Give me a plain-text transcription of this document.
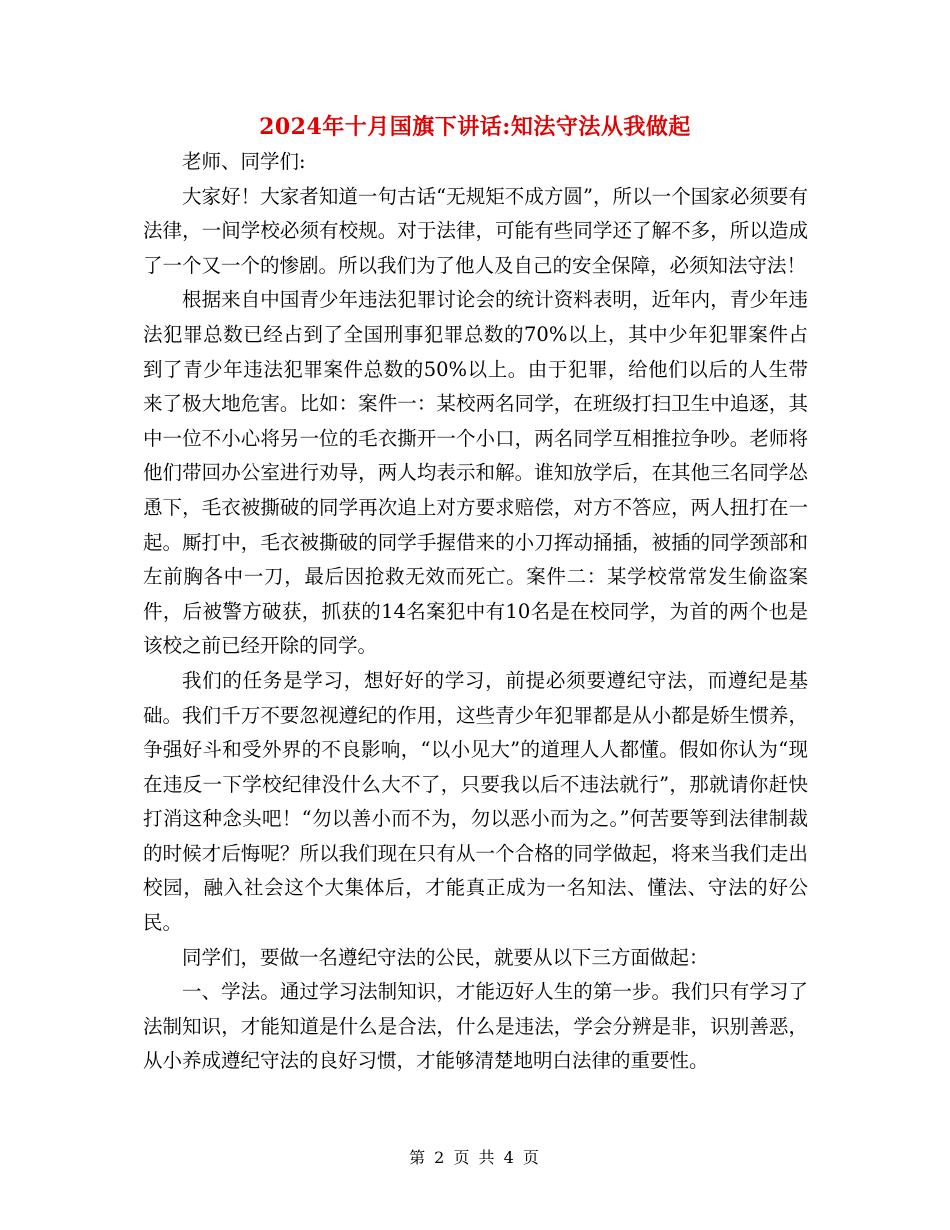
2024年十月国旗下讲话:知法守法从我做起

老师、同学们:

大家好！大家者知道一句古话“无规矩不成方圆”，所以一个国家必须要有法律，一间学校必须有校规。对于法律，可能有些同学还了解不多，所以造成了一个又一个的惨剧。所以我们为了他人及自己的安全保障，必须知法守法！

根据来自中国青少年违法犯罪讨论会的统计资料表明，近年内，青少年违法犯罪总数已经占到了全国刑事犯罪总数的70%以上，其中少年犯罪案件占到了青少年违法犯罪案件总数的50%以上。由于犯罪，给他们以后的人生带来了极大地危害。比如：案件一：某校两名同学，在班级打扫卫生中追逐，其中一位不小心将另一位的毛衣撕开一个小口，两名同学互相推拉争吵。老师将他们带回办公室进行劝导，两人均表示和解。谁知放学后，在其他三名同学怂恿下，毛衣被撕破的同学再次追上对方要求赔偿，对方不答应，两人扭打在一起。厮打中，毛衣被撕破的同学手握借来的小刀挥动捅插，被插的同学颈部和左前胸各中一刀，最后因抢救无效而死亡。案件二：某学校常常发生偷盗案件，后被警方破获，抓获的14名案犯中有10名是在校同学，为首的两个也是该校之前已经开除的同学。

我们的任务是学习，想好好的学习，前提必须要遵纪守法，而遵纪是基础。我们千万不要忽视遵纪的作用，这些青少年犯罪都是从小都是娇生惯养，争强好斗和受外界的不良影响，“以小见大”的道理人人都懂。假如你认为“现在违反一下学校纪律没什么大不了，只要我以后不违法就行”，那就请你赶快打消这种念头吧！“勿以善小而不为，勿以恶小而为之。”何苦要等到法律制裁的时候才后悔呢？所以我们现在只有从一个合格的同学做起，将来当我们走出校园，融入社会这个大集体后，才能真正成为一名知法、懂法、守法的好公民。

同学们，要做一名遵纪守法的公民，就要从以下三方面做起：

一、学法。通过学习法制知识，才能迈好人生的第一步。我们只有学习了法制知识，才能知道是什么是合法，什么是违法，学会分辨是非，识别善恶，从小养成遵纪守法的良好习惯，才能够清楚地明白法律的重要性。

第 2 页 共 4 页
